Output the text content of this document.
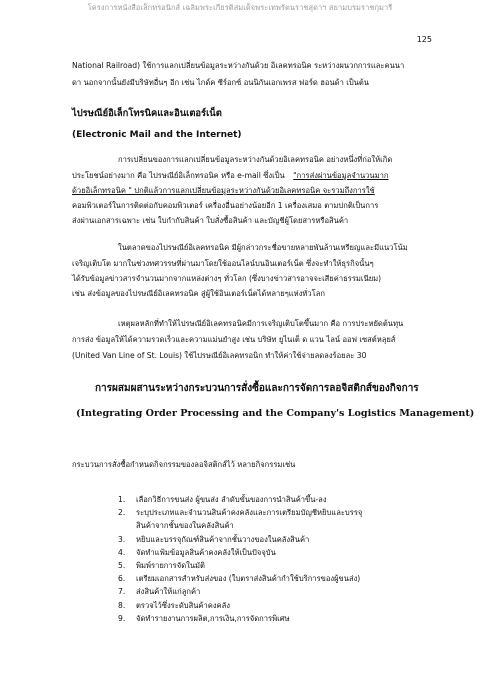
โครงการหนังสือเล็กทรอนิกส์ เฉลิมพระเกียรติสมเด็จพระเทพรัตนราชสุดาฯ สยามบรมราชกุมารี
125
National Railroad) ใช้การแลกเปลี่ยนข้อมูลระหว่างกันด้วย อิเลคทรอนิค ระหว่างผนวกการและคนนา
ดา นอกจากนั้นยังมีบริษัทอื่นๆ อีก เช่น ไกด์ค ซีร์อกซ์ อนนิกันเอกเพรส ฟอร์ด ฮอนด้า เป็นต้น
ไปรษณีย์อิเล็กโทรนิคและอินเตอร์เน็ต
(Electronic Mail and the Internet)
การเปลี่ยนของการแลกเปลี่ยนข้อมูลระหว่างกันด้วยอิเลคทรอนิค อย่างหนึ่งที่ก่อให้เกิด
ประโยชน์อย่างมาก คือ ไปรษณีย์อิเล็กทรอนิค หรือ e-mail ซึ่งเป็น "การส่งผ่านข้อมูลจำนวนมาก
ด้วยอิเล็กทรอนิค " ปกติแล้วการแลกเปลี่ยนข้อมูลระหว่างกันด้วยอิเลคทรอนิค จะรวมถึงการใช้
คอมพิวเตอร์ในการติดต่อกับคอมพิวเตอร์ เครื่องอื่นอย่างน้อยอีก 1 เครื่องเสมอ ตามปกติเป็นการ
ส่งผ่านเอกสารเฉพาะ เช่น ใบกำกับสินค้า ใบสั่งซื้อสินค้า และบัญชีผู้โดยสารหรือสินค้า
ในตลาดของไปรษณีย์อิเลคทรอนิค มีผู้กล่าวกระชื่อขายหลายพันล้านเหรียญและมีแนวโน้ม
เจริญเติบโต มากในช่วงทศวรรษที่ผ่านมาโดยใช้ออนไลน์บนอินเตอร์เน็ต ซึ่งจะทำให้ธุรกิจนั้นๆ
ได้รับข้อมูลข่าวสารจำนวนมากจากแหล่งต่างๆ ทั่วโลก (ซึ่งบางข่าวสารอาจจะเสียค่าธรรมเนียม)
เช่น ส่งข้อมูลของไปรษณีย์อิเลคทรอนิค สู่ผู้ใช้อินเตอร์เน็ตได้หลายๆแห่งทั่วโลก
เหตุผลหลักที่ทำให้ไปรษณีย์อิเลคทรอนิคมีการเจริญเติบโตขึ้นมาก คือ การประหยัดต้นทุน
การส่ง ข้อมูลให้ได้ความรวดเร็วและความแม่นยำสูง เช่น บริษัท ยูไนเต็ ด แวน ไลน์ ออฟ เซสต์หลุยส์
(United Van Line of St. Louis) ใช้ไปรษณีย์อิเลคทรอนิก ทำให้ค่าใช้จ่ายลดลงร้อยละ 30
การผสมผสานระหว่างกระบวนการสั่งซื้อและการจัดการลอจิสติกส์ของกิจการ
(Integrating Order Processing and the Company's Logistics Management)
กระบวนการสั่งซื้อกำหนดกิจกรรมของลอจิสติกส์ไว้ หลายกิจกรรมเช่น
1.	เลือกวิธีการขนส่ง ผู้ขนส่ง ลำดับขั้นของการนำสินค้าขึ้น-ลง
2.	ระบุประเภทและจำนวนสินค้าคงคลังและการเตรียมบัญชีหยิบและบรรจุ
สินค้าจากชั้นของในคลังสินค้า
3.	หยิบและบรรจุกัณฑ์สินค้าจากชั้นวางของในคลังสินค้า
4.	จัดทำแฟ้มข้อมูลสินค้าคงคลังให้เป็นปัจจุบัน
5.	พิมพ์รายการจัดในมัติ
6.	เตรียมเอกสารสำหรับส่งของ (ใบตราส่งสินค้ากำใช้บริการของผู้ขนส่ง)
7.	ส่งสินค้าให้แก่ลูกค้า
8.	ตรวจไว้ซึ่งระดับสินค้าคงคลัง
9.	จัดทำรายงานการผลิต,การเงิน,การจัดการพิเศษ
